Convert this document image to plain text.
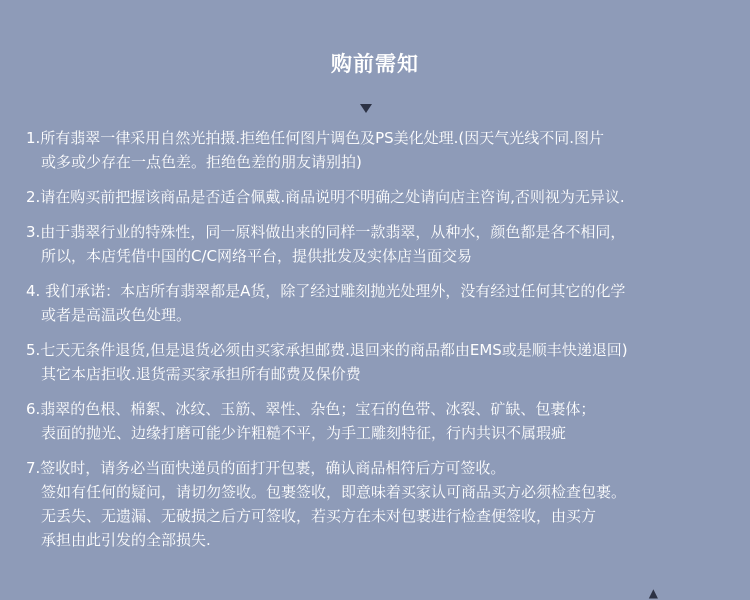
购前需知
1.所有翡翠一律采用自然光拍摄.拒绝任何图片调色及PS美化处理.(因天气光线不同.图片
或多或少存在一点色差。拒绝色差的朋友请别拍)
2.请在购买前把握该商品是否适合佩戴.商品说明不明确之处请向店主咨询,否则视为无异议.
3.由于翡翠行业的特殊性，同一原料做出来的同样一款翡翠，从种水，颜色都是各不相同，
所以，本店凭借中国的C/C网络平台，提供批发及实体店当面交易
4. 我们承诺：本店所有翡翠都是A货，除了经过雕刻抛光处理外，没有经过任何其它的化学
或者是高温改色处理。
5.七天无条件退货,但是退货必须由买家承担邮费.退回来的商品都由EMS或是顺丰快递退回)
其它本店拒收.退货需买家承担所有邮费及保价费
6.翡翠的色根、棉絮、冰纹、玉筋、翠性、杂色；宝石的色带、冰裂、矿缺、包裹体；
表面的抛光、边缘打磨可能少许粗糙不平，为手工雕刻特征，行内共识不属瑕疵
7.签收时，请务必当面快递员的面打开包裹，确认商品相符后方可签收。
签如有任何的疑问，请切勿签收。包裹签收，即意味着买家认可商品买方必须检查包裹。
无丢失、无遗漏、无破损之后方可签收，若买方在未对包裹进行检查便签收，由买方
承担由此引发的全部损失.
▲
